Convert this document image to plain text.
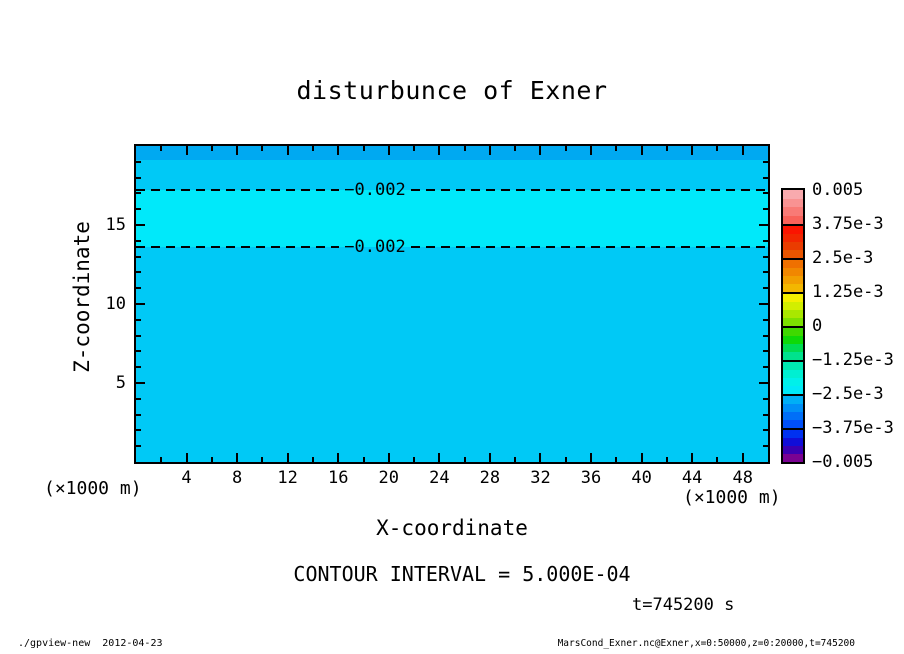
disturbunce of Exner
Z-coordinate
−0.002
−0.002
4 8 12 16 20 24 28 32 36 40 44 48
5
10
15
(×1000 m)	(×1000 m)
X-coordinate
CONTOUR INTERVAL = 5.000E-04
t=745200 s
0.005
3.75e-3
2.5e-3
1.25e-3
0
−1.25e-3
−2.5e-3
−3.75e-3
−0.005
./gpview-new  2012-04-23	MarsCond_Exner.nc@Exner,x=0:50000,z=0:20000,t=745200
